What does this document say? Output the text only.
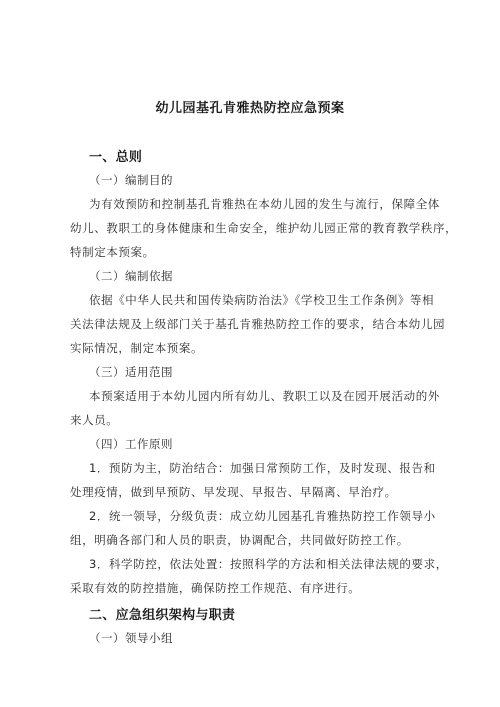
幼儿园基孔肯雅热防控应急预案
一、总则
（一）编制目的
为有效预防和控制基孔肯雅热在本幼儿园的发生与流行，保障全体
幼儿、教职工的身体健康和生命安全，维护幼儿园正常的教育教学秩序，
特制定本预案。
（二）编制依据
依据《中华人民共和国传染病防治法》《学校卫生工作条例》等相
关法律法规及上级部门关于基孔肯雅热防控工作的要求，结合本幼儿园
实际情况，制定本预案。
（三）适用范围
本预案适用于本幼儿园内所有幼儿、教职工以及在园开展活动的外
来人员。
（四）工作原则
1．预防为主，防治结合：加强日常预防工作，及时发现、报告和
处理疫情，做到早预防、早发现、早报告、早隔离、早治疗。
2．统一领导，分级负责：成立幼儿园基孔肯雅热防控工作领导小
组，明确各部门和人员的职责，协调配合，共同做好防控工作。
3．科学防控，依法处置：按照科学的方法和相关法律法规的要求，
采取有效的防控措施，确保防控工作规范、有序进行。
二、应急组织架构与职责
（一）领导小组
